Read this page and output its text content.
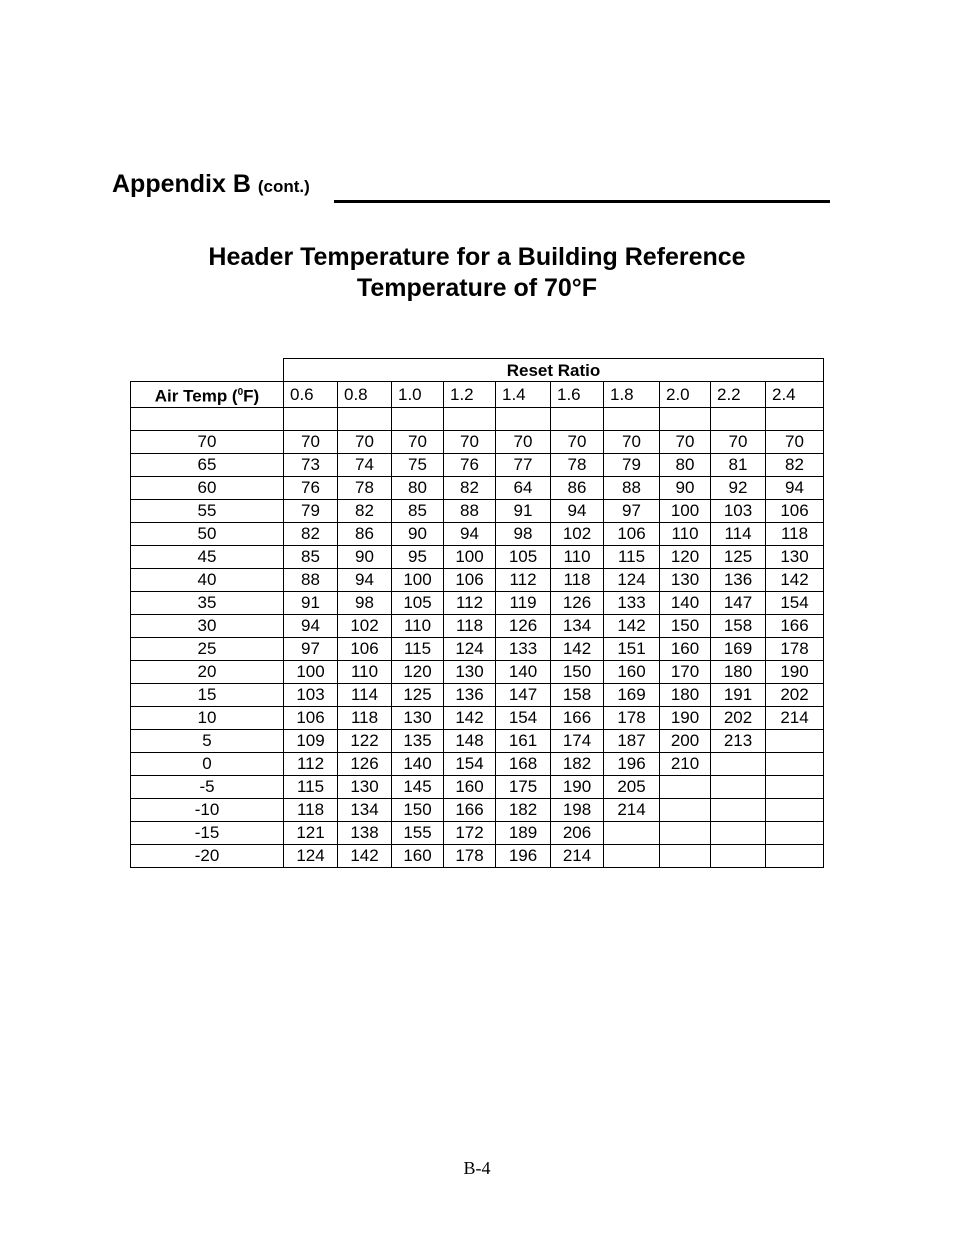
Appendix B (cont.)
Header Temperature for a Building Reference
Temperature of 70°F
	Reset Ratio									
Air Temp ($^0$F)	0.6	0.8	1.0	1.2	1.4	1.6	1.8	2.0	2.2	2.4

70	70	70	70	70	70	70	70	70	70	70
65	73	74	75	76	77	78	79	80	81	82
60	76	78	80	82	64	86	88	90	92	94
55	79	82	85	88	91	94	97	100	103	106
50	82	86	90	94	98	102	106	110	114	118
45	85	90	95	100	105	110	115	120	125	130
40	88	94	100	106	112	118	124	130	136	142
35	91	98	105	112	119	126	133	140	147	154
30	94	102	110	118	126	134	142	150	158	166
25	97	106	115	124	133	142	151	160	169	178
20	100	110	120	130	140	150	160	170	180	190
15	103	114	125	136	147	158	169	180	191	202
10	106	118	130	142	154	166	178	190	202	214
5	109	122	135	148	161	174	187	200	213	
0	112	126	140	154	168	182	196	210		
-5	115	130	145	160	175	190	205			
-10	118	134	150	166	182	198	214			
-15	121	138	155	172	189	206				
-20	124	142	160	178	196	214				
B-4
